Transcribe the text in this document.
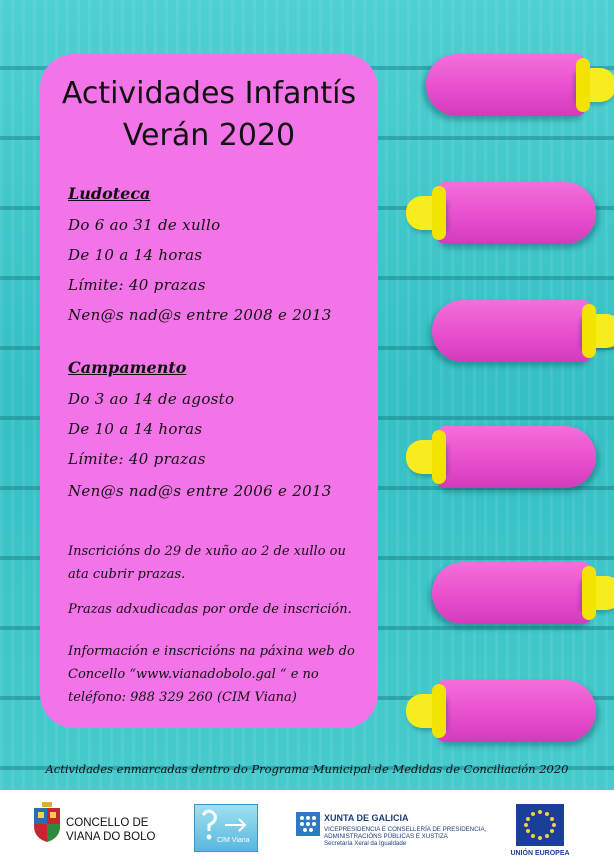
Actividades Infantís
Verán 2020
Ludoteca
Do 6 ao 31 de xullo
De 10 a 14 horas
Límite: 40 prazas
Nen@s nad@s entre 2008 e 2013
Campamento
Do 3 ao 14 de agosto
De 10 a 14 horas
Límite: 40 prazas
Nen@s nad@s entre 2006 e 2013
Inscricións do 29 de xuño ao 2 de xullo ou ata cubrir prazas.
Prazas adxudicadas por orde de inscrición.
Información e inscricións na páxina web do Concello “www.vianadobolo.gal “ e no teléfono: 988 329 260 (CIM Viana)
Actividades enmarcadas dentro do Programa Municipal de Medidas de Conciliación 2020
CONCELLO DE
VIANA DO BOLO	CIM Viana
XUNTA DE GALICIA
VICEPRESIDENCIA E CONSELLERÍA DE PRESIDENCIA,
ADMINISTRACIÓNS PÚBLICAS E XUSTIZA
Secretaría Xeral da Igualdade
UNIÓN EUROPEA
